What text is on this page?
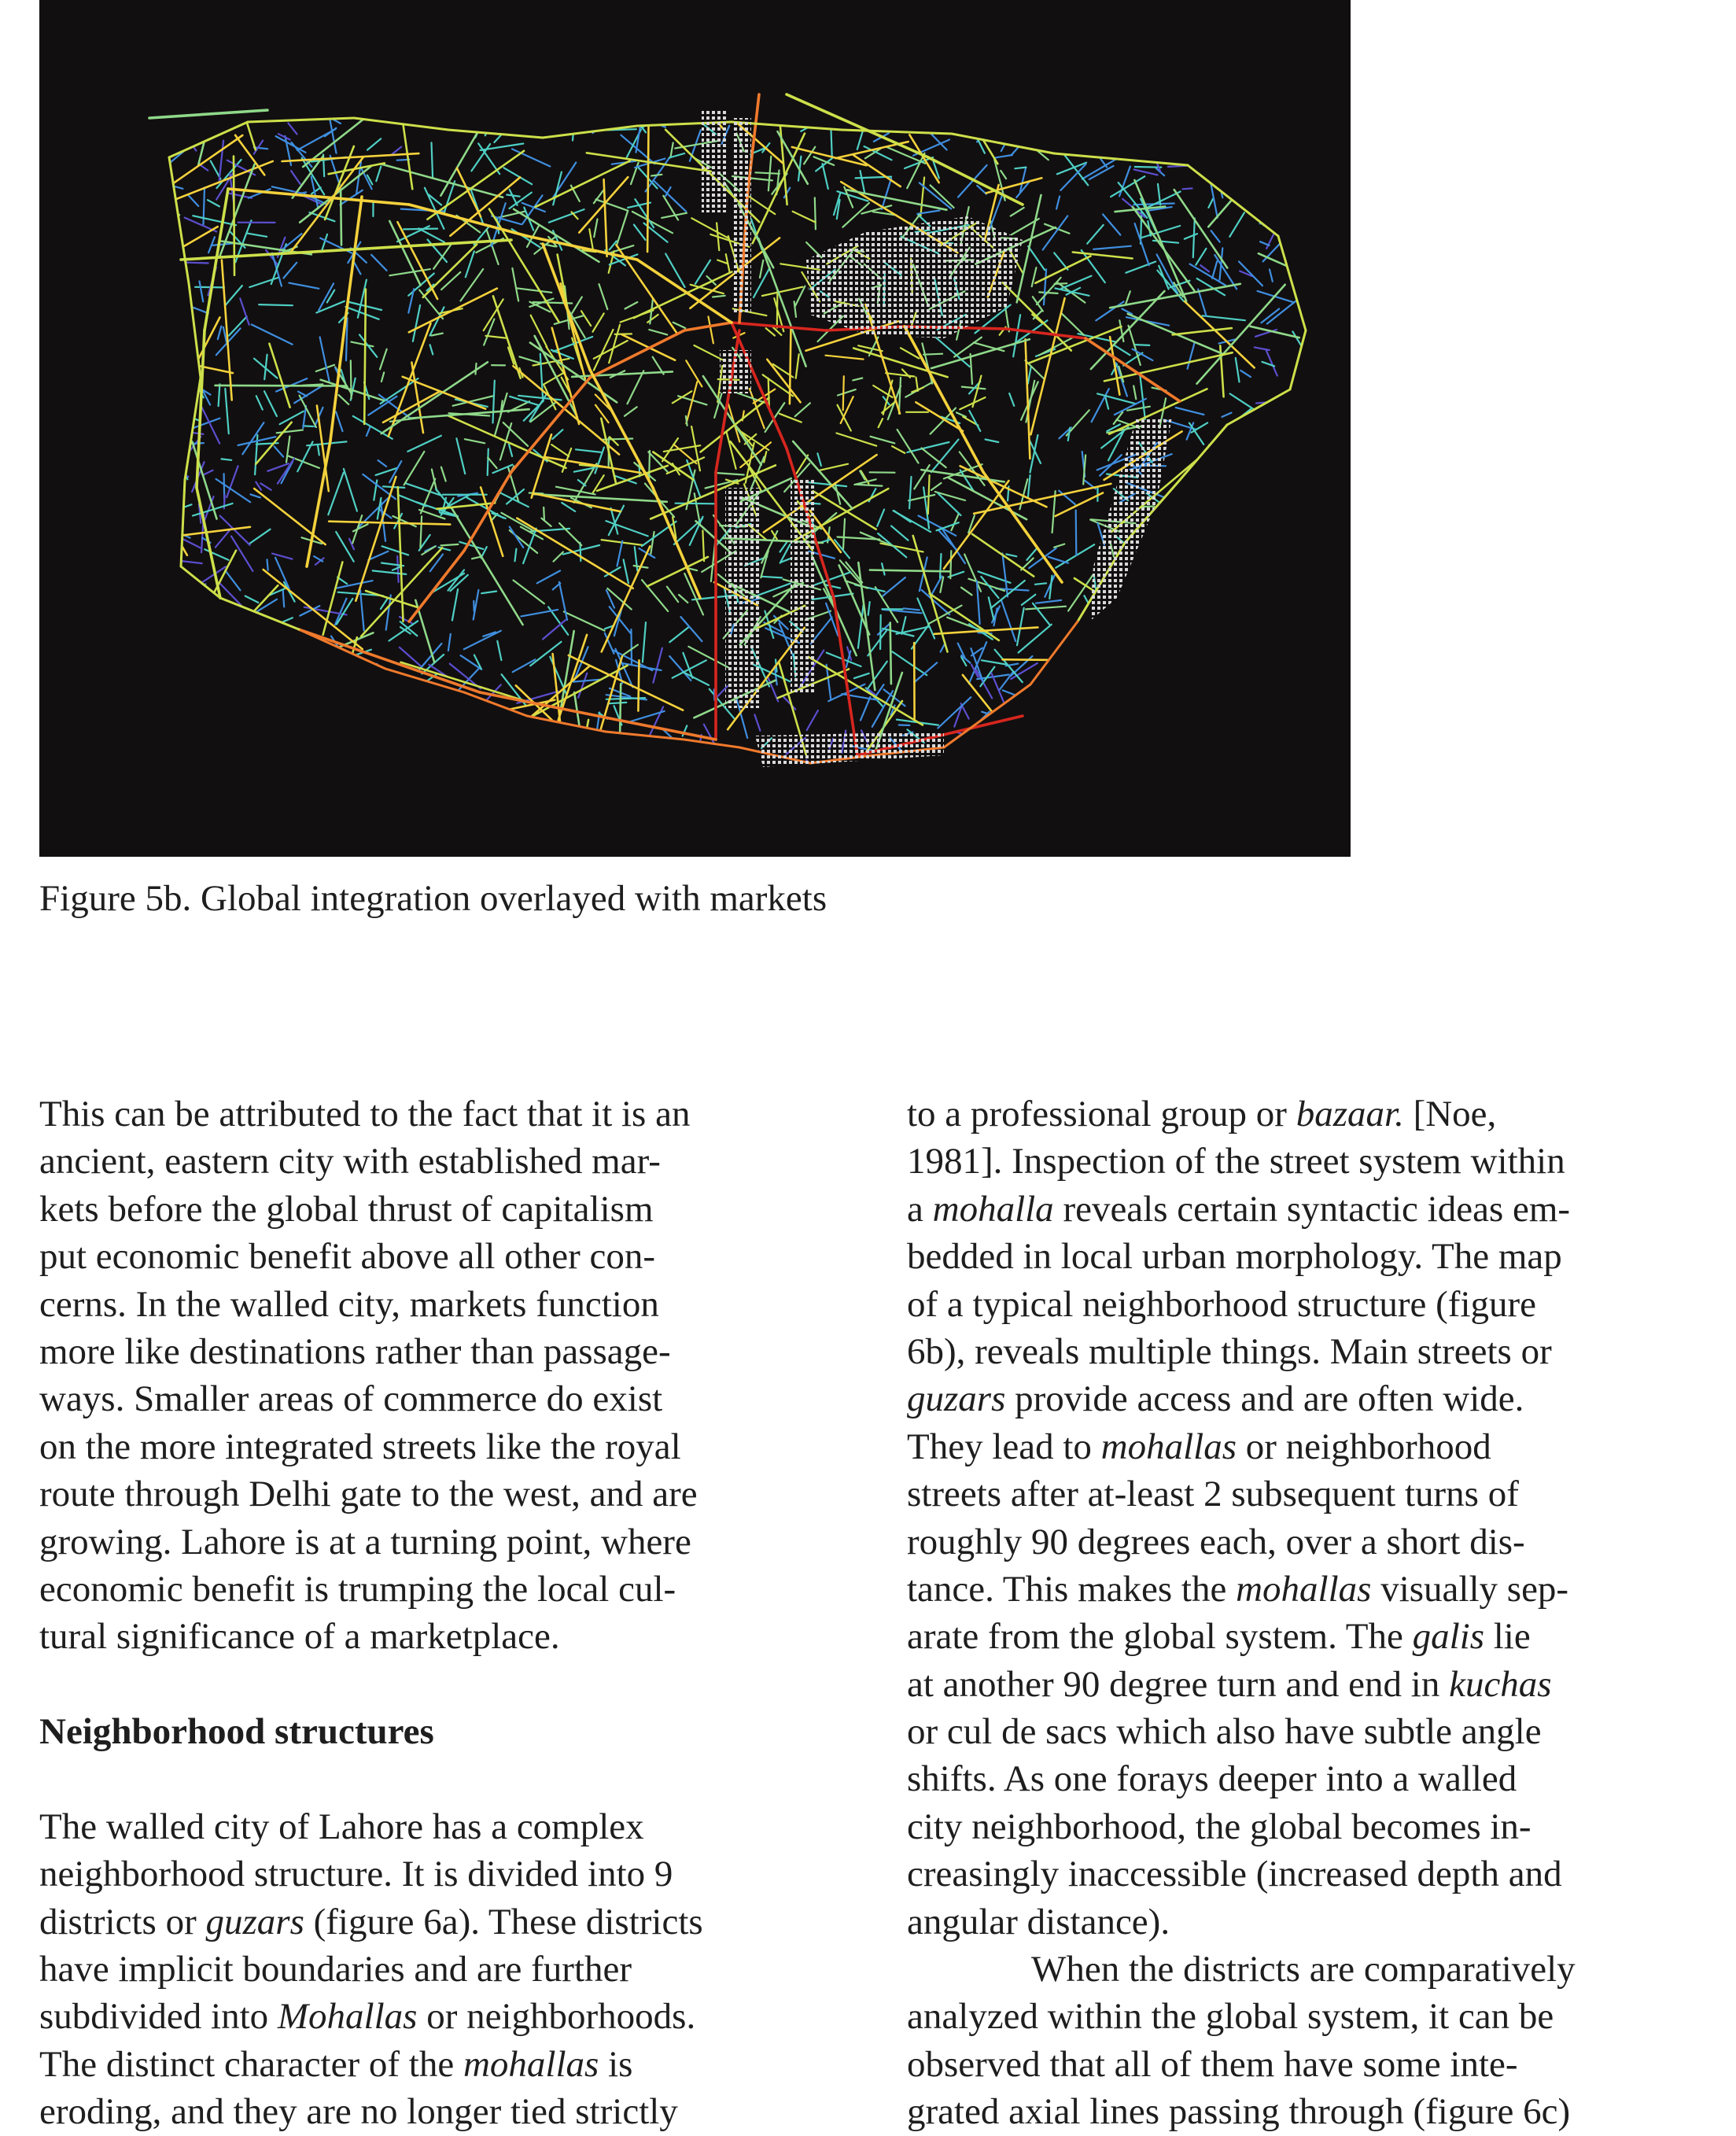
Figure 5b. Global integration overlayed with markets
This can be attributed to the fact that it is an
ancient, eastern city with established mar-
kets before the global thrust of capitalism
put economic benefit above all other con-
cerns. In the walled city, markets function
more like destinations rather than passage-
ways. Smaller areas of commerce do exist
on the more integrated streets like the royal
route through Delhi gate to the west, and are
growing. Lahore is at a turning point, where
economic benefit is trumping the local cul-
tural significance of a marketplace.
Neighborhood structures
The walled city of Lahore has a complex
neighborhood structure. It is divided into 9
districts or guzars (figure 6a). These districts
have implicit boundaries and are further
subdivided into Mohallas or neighborhoods.
The distinct character of the mohallas is
eroding, and they are no longer tied strictly
to a professional group or bazaar. [Noe,
1981]. Inspection of the street system within
a mohalla reveals certain syntactic ideas em-
bedded in local urban morphology. The map
of a typical neighborhood structure (figure
6b), reveals multiple things. Main streets or
guzars provide access and are often wide.
They lead to mohallas or neighborhood
streets after at-least 2 subsequent turns of
roughly 90 degrees each, over a short dis-
tance. This makes the mohallas visually sep-
arate from the global system. The galis lie
at another 90 degree turn and end in kuchas
or cul de sacs which also have subtle angle
shifts. As one forays deeper into a walled
city neighborhood, the global becomes in-
creasingly inaccessible (increased depth and
angular distance).
When the districts are comparatively
analyzed within the global system, it can be
observed that all of them have some inte-
grated axial lines passing through (figure 6c)
